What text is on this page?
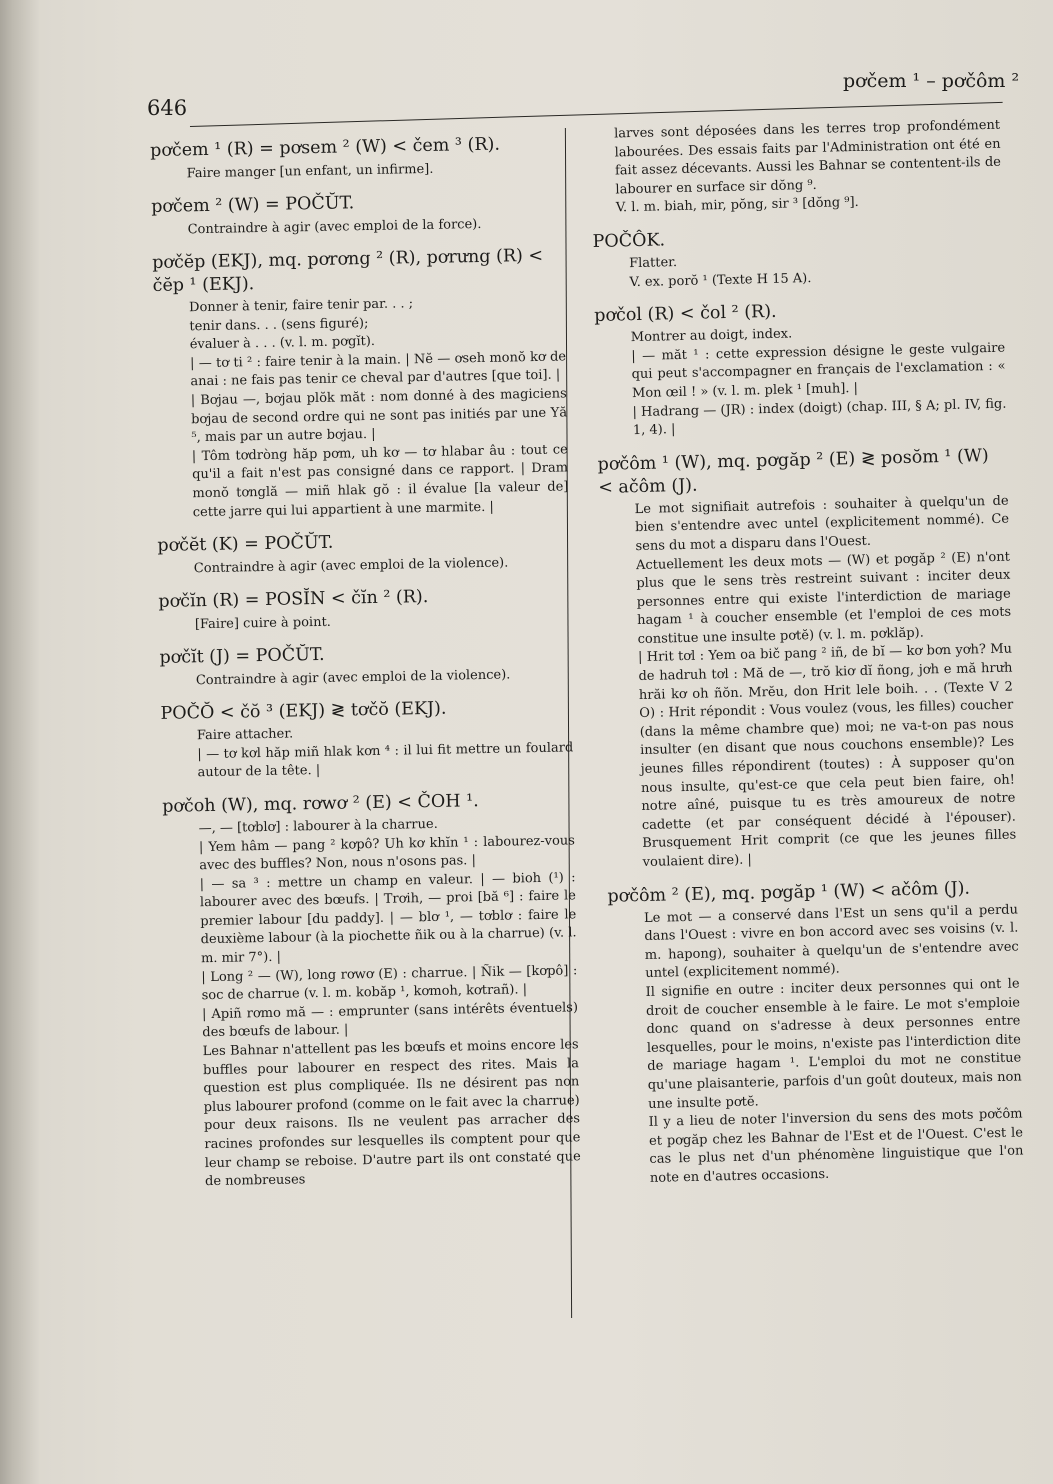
646
pơčem ¹ – pơčôm ²
pơčem ¹ (R) = pơsem ² (W) < čem ³ (R).
Faire manger [un enfant, un infirme].
pơčem ² (W) = POČŬT.
Contraindre à agir (avec emploi de la force).
pơčĕp (EKJ), mq. pơrơng ² (R), pơrưng (R) < čĕp ¹ (EKJ).
Donner à tenir, faire tenir par. . . ;
tenir dans. . . (sens figuré);
évaluer à . . . (v. l. m. pơgĭt).
| — tơ ti ² : faire tenir à la main. | Nĕ — ơseh monŏ kơ de anai : ne fais pas tenir ce cheval par d'autres [que toi]. |
| Bơjau —, bơjau plŏk măt : nom donné à des magiciens bơjau de second ordre qui ne sont pas initiés par une Yă ⁵, mais par un autre bơjau. |
| Tôm tơdròng hăp pơm, uh kơ — tơ hlabar âu : tout ce qu'il a fait n'est pas consigné dans ce rapport. | Dram monŏ tơnglă — miñ hlak gŏ : il évalue [la valeur de] cette jarre qui lui appartient à une marmite. |
pơčĕt (K) = POČŬT.
Contraindre à agir (avec emploi de la violence).
pơčĭn (R) = POSĬN < čĭn ² (R).
[Faire] cuire à point.
pơčĭt (J) = POČŬT.
Contraindre à agir (avec emploi de la violence).
POČŎ < čŏ ³ (EKJ) ≷ tơčŏ (EKJ).
Faire attacher.
| — tơ kơl hăp miñ hlak kơn ⁴ : il lui fit mettre un foulard autour de la tête. |
pơčoh (W), mq. rơwơ ² (E) < ČOH ¹.
—, — [tơblơ] : labourer à la charrue.
| Yem hâm — pang ² kơpô? Uh kơ khĭn ¹ : labourez-vous avec des buffles? Non, nous n'osons pas. |
| — sa ³ : mettre un champ en valeur. | — bioh (¹) : labourer avec des bœufs. | Trơih, — proi [bă ⁶] : faire le premier labour [du paddy]. | — blơ ¹, — tơblơ : faire le deuxième labour (à la piochette ñik ou à la charrue) (v. l. m. mir 7°). |
| Long ² — (W), long rơwơ (E) : charrue. | Ñik — [kơpô] : soc de charrue (v. l. m. kobăp ¹, kơmoh, kơtrañ). |
| Apiñ rơmo mă — : emprunter (sans intérêts éventuels) des bœufs de labour. |
Les Bahnar n'attellent pas les bœufs et moins encore les buffles pour labourer en respect des rites. Mais la question est plus compliquée. Ils ne désirent pas non plus labourer profond (comme on le fait avec la charrue) pour deux raisons. Ils ne veulent pas arracher des racines profondes sur lesquelles ils comptent pour que leur champ se reboise. D'autre part ils ont constaté que de nombreuses
larves sont déposées dans les terres trop profondément labourées. Des essais faits par l'Administration ont été en fait assez décevants. Aussi les Bahnar se contentent-ils de labourer en surface sir dŏng ⁹.
V. l. m. biah, mir, pŏng, sir ³ [dŏng ⁹].
POČÔK.
Flatter.
V. ex. porŏ ¹ (Texte H 15 A).
pơčol (R) < čol ² (R).
Montrer au doigt, index.
| — măt ¹ : cette expression désigne le geste vulgaire qui peut s'accompagner en français de l'exclamation : « Mon œil ! » (v. l. m. plek ¹ [muh]. |
| Hadrang — (JR) : index (doigt) (chap. III, § A; pl. IV, fig. 1, 4). |
pơčôm ¹ (W), mq. pơgăp ² (E) ≷ posŏm ¹ (W) < ačôm (J).
Le mot signifiait autrefois : souhaiter à quelqu'un de bien s'entendre avec untel (explicitement nommé). Ce sens du mot a disparu dans l'Ouest.
Actuellement les deux mots — (W) et pơgăp ² (E) n'ont plus que le sens très restreint suivant : inciter deux personnes entre qui existe l'interdiction de mariage hagam ¹ à coucher ensemble (et l'emploi de ces mots constitue une insulte pơtĕ) (v. l. m. pơklăp).
| Hrit tơl : Yem oa bič pang ² iñ, de bĭ — kơ bơn yơh? Mu de hadruh tơl : Mă de —, trŏ kiơ dĭ ñong, jơh e mă hrưh hrăi kơ oh ñŏn. Mrĕu, don Hrit lele boih. . . (Texte V 2 O) : Hrit répondit : Vous voulez (vous, les filles) coucher (dans la même chambre que) moi; ne va-t-on pas nous insulter (en disant que nous couchons ensemble)? Les jeunes filles répondirent (toutes) : À supposer qu'on nous insulte, qu'est-ce que cela peut bien faire, oh! notre aîné, puisque tu es très amoureux de notre cadette (et par conséquent décidé à l'épouser). Brusquement Hrit comprit (ce que les jeunes filles voulaient dire). |
pơčôm ² (E), mq. pơgăp ¹ (W) < ačôm (J).
Le mot — a conservé dans l'Est un sens qu'il a perdu dans l'Ouest : vivre en bon accord avec ses voisins (v. l. m. hapong), souhaiter à quelqu'un de s'entendre avec untel (explicitement nommé).
Il signifie en outre : inciter deux personnes qui ont le droit de coucher ensemble à le faire. Le mot s'emploie donc quand on s'adresse à deux personnes entre lesquelles, pour le moins, n'existe pas l'interdiction dite de mariage hagam ¹. L'emploi du mot ne constitue qu'une plaisanterie, parfois d'un goût douteux, mais non une insulte pơtĕ.
Il y a lieu de noter l'inversion du sens des mots pơčôm et pơgăp chez les Bahnar de l'Est et de l'Ouest. C'est le cas le plus net d'un phénomène linguistique que l'on note en d'autres occasions.
